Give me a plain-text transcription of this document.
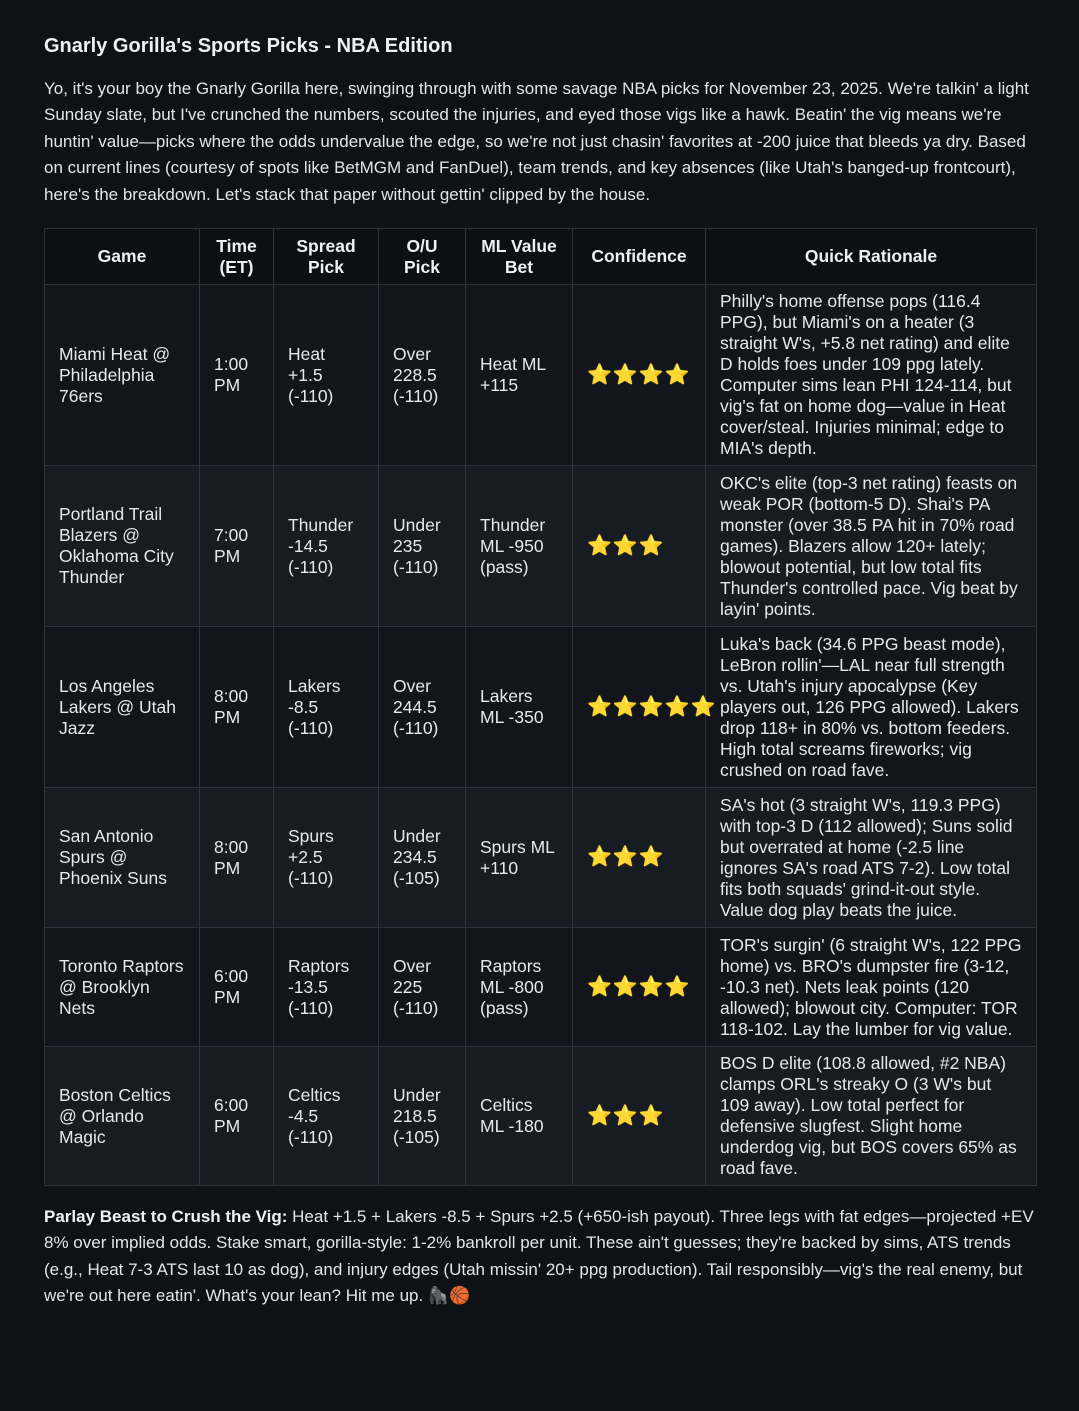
Gnarly Gorilla's Sports Picks - NBA Edition

Yo, it's your boy the Gnarly Gorilla here, swinging through with some savage NBA picks for November 23, 2025. We're talkin' a light Sunday slate, but I've crunched the numbers, scouted the injuries, and eyed those vigs like a hawk. Beatin' the vig means we're huntin' value—picks where the odds undervalue the edge, so we're not just chasin' favorites at -200 juice that bleeds ya dry. Based on current lines (courtesy of spots like BetMGM and FanDuel), team trends, and key absences (like Utah's banged-up frontcourt), here's the breakdown. Let's stack that paper without gettin' clipped by the house.

Game	Time (ET)	Spread Pick	O/U Pick	ML Value Bet	Confidence	Quick Rationale
Miami Heat @ Philadelphia 76ers	1:00 PM	Heat +1.5 (-110)	Over 228.5 (-110)	Heat ML +115	⭐⭐⭐⭐	Philly's home offense pops (116.4 PPG), but Miami's on a heater (3 straight W's, +5.8 net rating) and elite D holds foes under 109 ppg lately. Computer sims lean PHI 124-114, but vig's fat on home dog—value in Heat cover/steal. Injuries minimal; edge to MIA's depth.
Portland Trail Blazers @ Oklahoma City Thunder	7:00 PM	Thunder -14.5 (-110)	Under 235 (-110)	Thunder ML -950 (pass)	⭐⭐⭐	OKC's elite (top-3 net rating) feasts on weak POR (bottom-5 D). Shai's PA monster (over 38.5 PA hit in 70% road games). Blazers allow 120+ lately; blowout potential, but low total fits Thunder's controlled pace. Vig beat by layin' points.
Los Angeles Lakers @ Utah Jazz	8:00 PM	Lakers -8.5 (-110)	Over 244.5 (-110)	Lakers ML -350	⭐⭐⭐⭐⭐	Luka's back (34.6 PPG beast mode), LeBron rollin'—LAL near full strength vs. Utah's injury apocalypse (Key players out, 126 PPG allowed). Lakers drop 118+ in 80% vs. bottom feeders. High total screams fireworks; vig crushed on road fave.
San Antonio Spurs @ Phoenix Suns	8:00 PM	Spurs +2.5 (-110)	Under 234.5 (-105)	Spurs ML +110	⭐⭐⭐	SA's hot (3 straight W's, 119.3 PPG) with top-3 D (112 allowed); Suns solid but overrated at home (-2.5 line ignores SA's road ATS 7-2). Low total fits both squads' grind-it-out style. Value dog play beats the juice.
Toronto Raptors @ Brooklyn Nets	6:00 PM	Raptors -13.5 (-110)	Over 225 (-110)	Raptors ML -800 (pass)	⭐⭐⭐⭐	TOR's surgin' (6 straight W's, 122 PPG home) vs. BRO's dumpster fire (3-12, -10.3 net). Nets leak points (120 allowed); blowout city. Computer: TOR 118-102. Lay the lumber for vig value.
Boston Celtics @ Orlando Magic	6:00 PM	Celtics -4.5 (-110)	Under 218.5 (-105)	Celtics ML -180	⭐⭐⭐	BOS D elite (108.8 allowed, #2 NBA) clamps ORL's streaky O (3 W's but 109 away). Low total perfect for defensive slugfest. Slight home underdog vig, but BOS covers 65% as road fave.

Parlay Beast to Crush the Vig: Heat +1.5 + Lakers -8.5 + Spurs +2.5 (+650-ish payout). Three legs with fat edges—projected +EV 8% over implied odds. Stake smart, gorilla-style: 1-2% bankroll per unit. These ain't guesses; they're backed by sims, ATS trends (e.g., Heat 7-3 ATS last 10 as dog), and injury edges (Utah missin' 20+ ppg production). Tail responsibly—vig's the real enemy, but we're out here eatin'. What's your lean? Hit me up. 🦍🏀
